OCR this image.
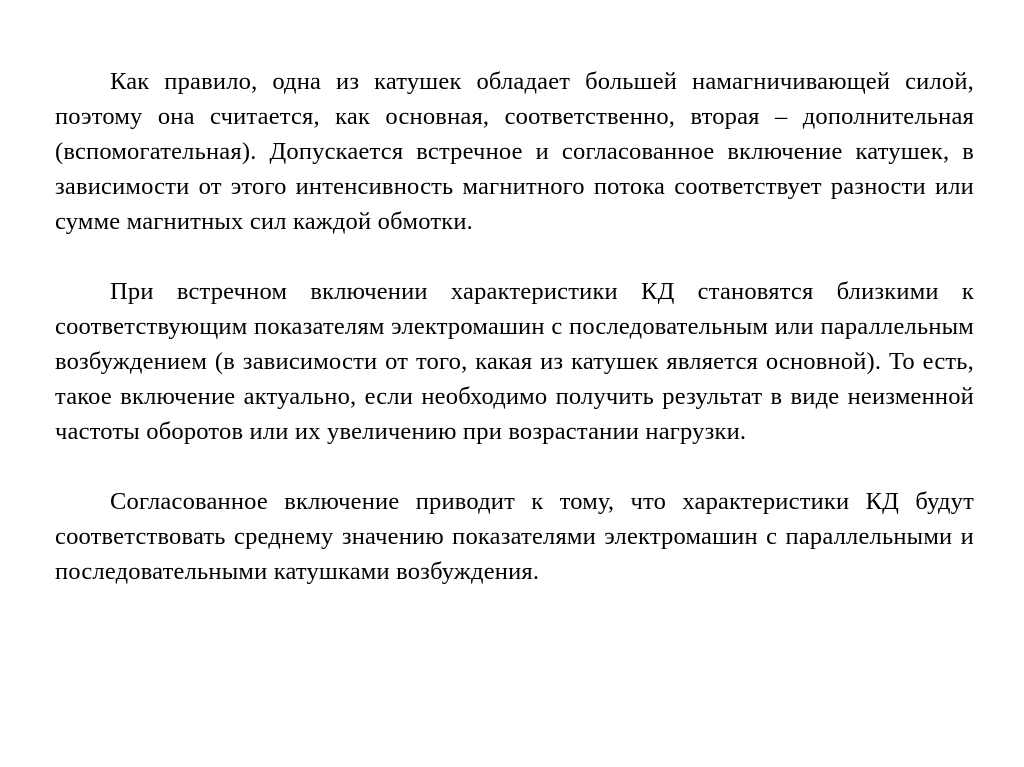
Как правило, одна из катушек обладает большей намагничивающей силой, поэтому она считается, как основная, соответственно, вторая – дополнительная (вспомогательная). Допускается встречное и согласованное включение катушек, в зависимости от этого интенсивность магнитного потока соответствует разности или сумме магнитных сил каждой обмотки.

При встречном включении характеристики КД становятся близкими к соответствующим показателям электромашин с последовательным или параллельным возбуждением (в зависимости от того, какая из катушек является основной). То есть, такое включение актуально, если необходимо получить результат в виде неизменной частоты оборотов или их увеличению при возрастании нагрузки.

Согласованное включение приводит к тому, что характеристики КД будут соответствовать среднему значению показателями электромашин с параллельными и последовательными катушками возбуждения.
